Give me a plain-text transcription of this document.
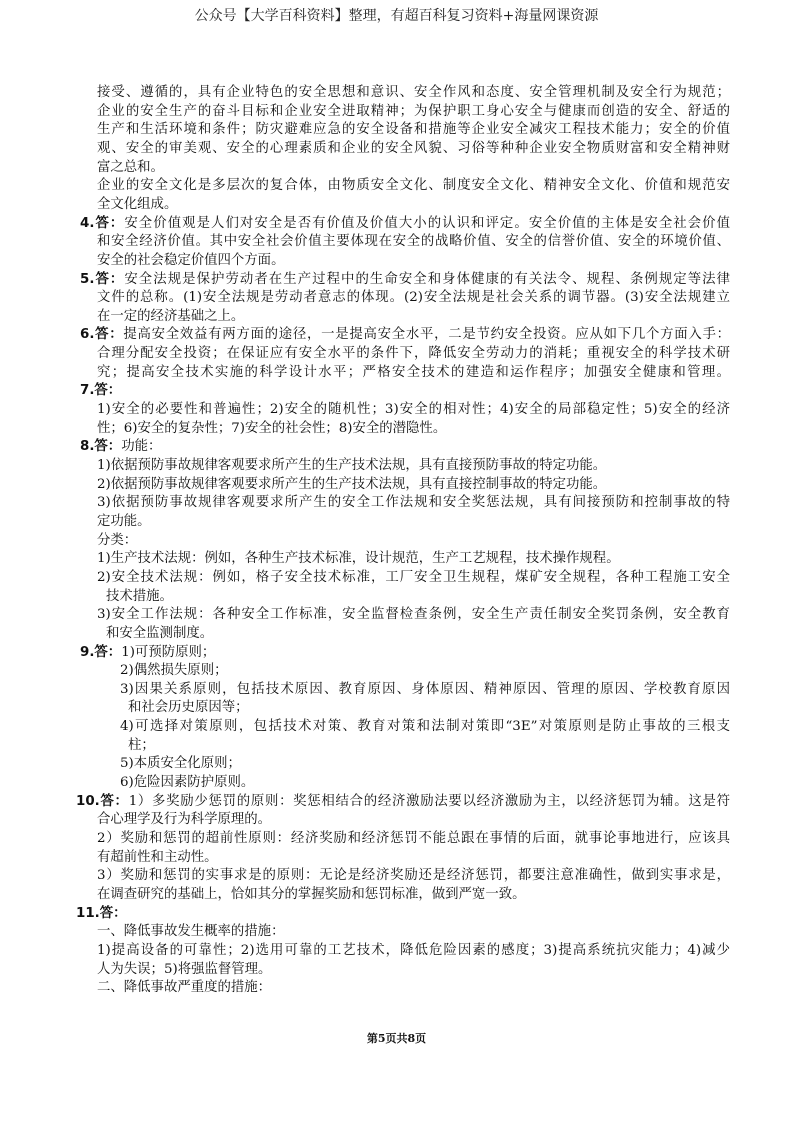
公众号【大学百科资料】整理，有超百科复习资料+海量网课资源
接受、遵循的，具有企业特色的安全思想和意识、安全作风和态度、安全管理机制及安全行为规范；
企业的安全生产的奋斗目标和企业安全进取精神；为保护职工身心安全与健康而创造的安全、舒适的
生产和生活环境和条件；防灾避难应急的安全设备和措施等企业安全减灾工程技术能力；安全的价值
观、安全的审美观、安全的心理素质和企业的安全风貌、习俗等种种企业安全物质财富和安全精神财
富之总和。
企业的安全文化是多层次的复合体，由物质安全文化、制度安全文化、精神安全文化、价值和规范安
全文化组成。
4.答：安全价值观是人们对安全是否有价值及价值大小的认识和评定。安全价值的主体是安全社会价值
和安全经济价值。其中安全社会价值主要体现在安全的战略价值、安全的信誉价值、安全的环境价值、
安全的社会稳定价值四个方面。
5.答：安全法规是保护劳动者在生产过程中的生命安全和身体健康的有关法令、规程、条例规定等法律
文件的总称。(1)安全法规是劳动者意志的体现。(2)安全法规是社会关系的调节器。(3)安全法规建立
在一定的经济基础之上。
6.答：提高安全效益有两方面的途径，一是提高安全水平，二是节约安全投资。应从如下几个方面入手：
合理分配安全投资；在保证应有安全水平的条件下，降低安全劳动力的消耗；重视安全的科学技术研
究；提高安全技术实施的科学设计水平；严格安全技术的建造和运作程序；加强安全健康和管理。
7.答：
1)安全的必要性和普遍性；2)安全的随机性；3)安全的相对性；4)安全的局部稳定性；5)安全的经济
性；6)安全的复杂性；7)安全的社会性；8)安全的潜隐性。
8.答：功能：
1)依据预防事故规律客观要求所产生的生产技术法规，具有直接预防事故的特定功能。
2)依据预防事故规律客观要求所产生的生产技术法规，具有直接控制事故的特定功能。
3)依据预防事故规律客观要求所产生的安全工作法规和安全奖惩法规，具有间接预防和控制事故的特
定功能。
分类：
1)生产技术法规：例如，各种生产技术标准，设计规范，生产工艺规程，技术操作规程。
2)安全技术法规：例如，格子安全技术标准，工厂安全卫生规程，煤矿安全规程，各种工程施工安全
技术措施。
3)安全工作法规：各种安全工作标准，安全监督检查条例，安全生产责任制安全奖罚条例，安全教育
和安全监测制度。
9.答：1)可预防原则；
2)偶然损失原则；
3)因果关系原则，包括技术原因、教育原因、身体原因、精神原因、管理的原因、学校教育原因
和社会历史原因等；
4)可选择对策原则，包括技术对策、教育对策和法制对策即“3E”对策原则是防止事故的三根支
柱；
5)本质安全化原则；
6)危险因素防护原则。
10.答：1）多奖励少惩罚的原则：奖惩相结合的经济激励法要以经济激励为主，以经济惩罚为辅。这是符
合心理学及行为科学原理的。
2）奖励和惩罚的超前性原则：经济奖励和经济惩罚不能总跟在事情的后面，就事论事地进行，应该具
有超前性和主动性。
3）奖励和惩罚的实事求是的原则：无论是经济奖励还是经济惩罚，都要注意准确性，做到实事求是，
在调查研究的基础上，恰如其分的掌握奖励和惩罚标准，做到严宽一致。
11.答：
一、降低事故发生概率的措施：
1)提高设备的可靠性；2)选用可靠的工艺技术，降低危险因素的感度；3)提高系统抗灾能力；4)减少
人为失误；5)将强监督管理。
二、降低事故严重度的措施：
第5页共8页
